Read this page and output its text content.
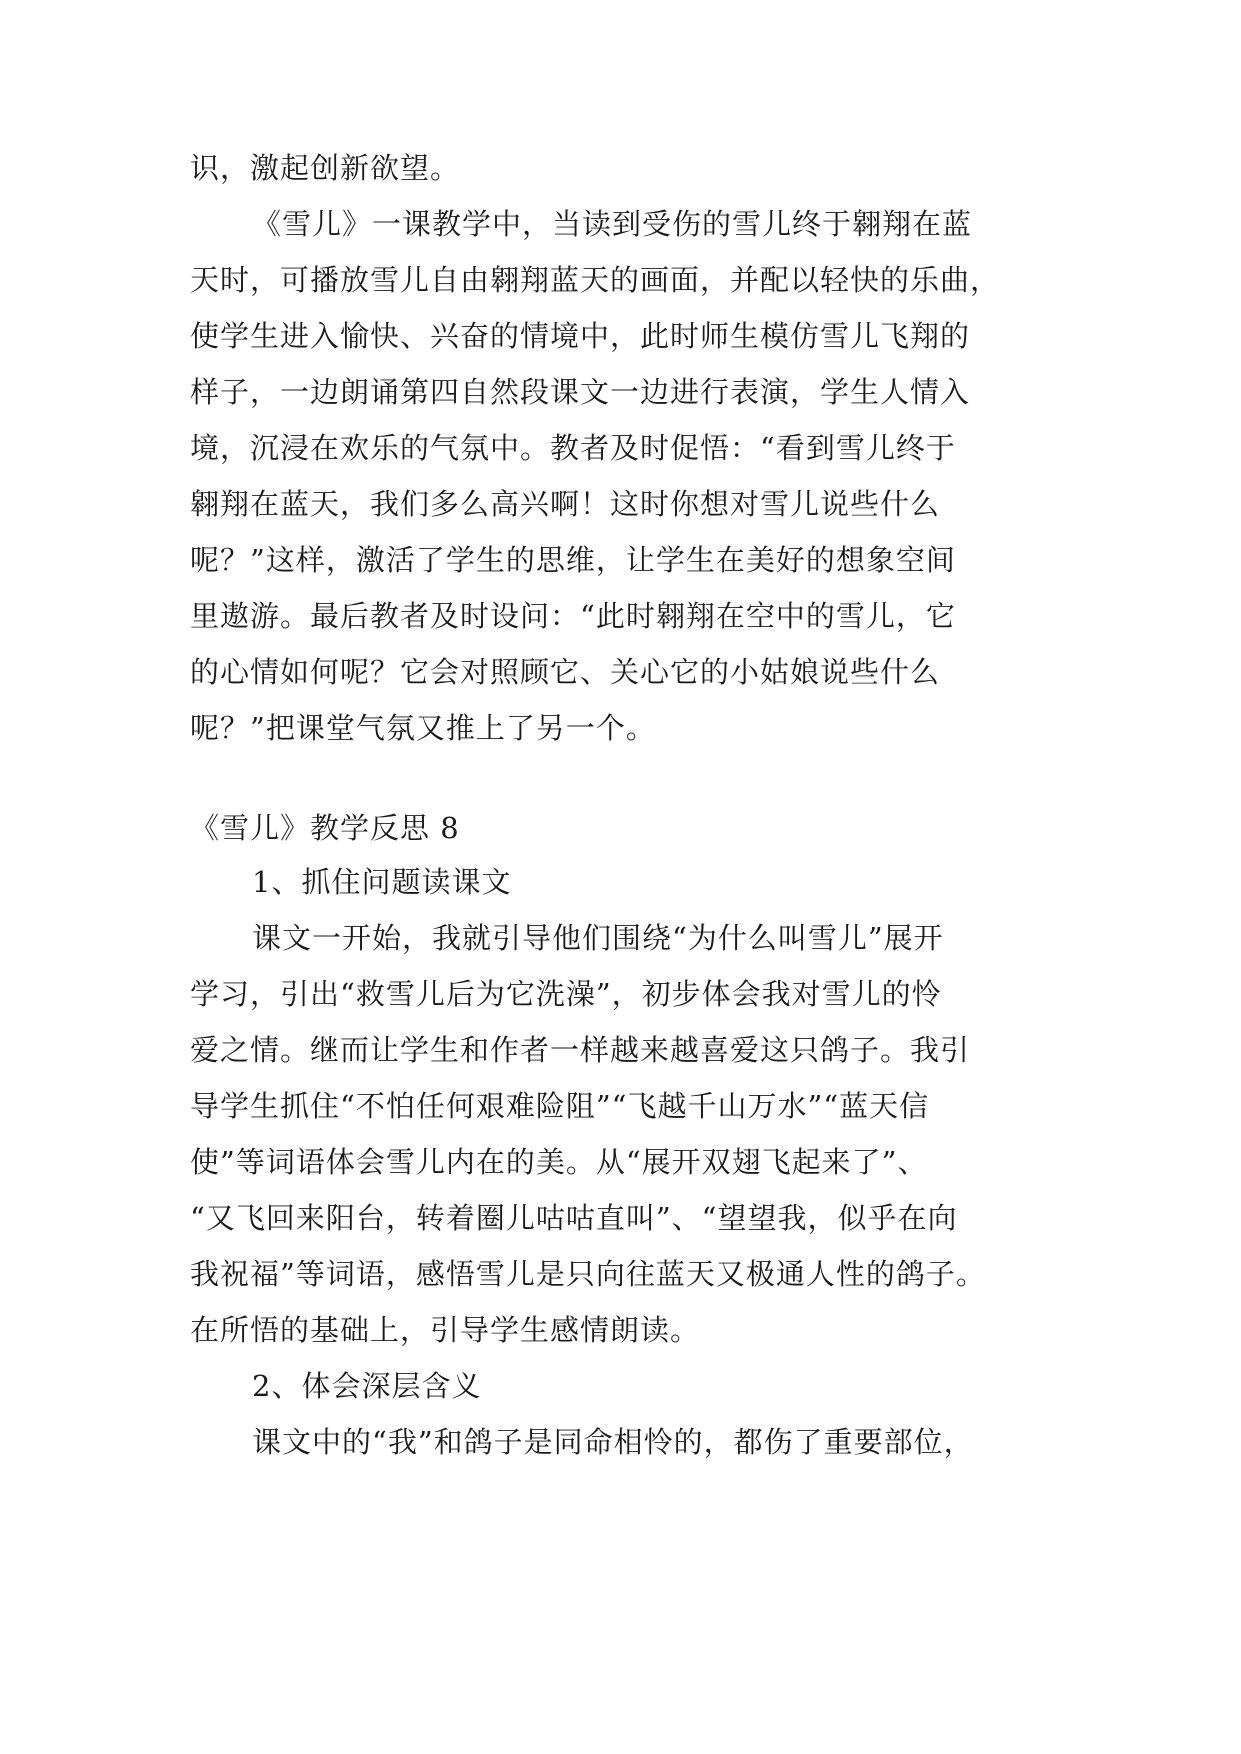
识，激起创新欲望。
《雪儿》一课教学中，当读到受伤的雪儿终于翱翔在蓝
天时，可播放雪儿自由翱翔蓝天的画面，并配以轻快的乐曲，
使学生进入愉快、兴奋的情境中，此时师生模仿雪儿飞翔的
样子，一边朗诵第四自然段课文一边进行表演，学生人情入
境，沉浸在欢乐的气氛中。教者及时促悟：“看到雪儿终于
翱翔在蓝天，我们多么高兴啊！这时你想对雪儿说些什么
呢？”这样，激活了学生的思维，让学生在美好的想象空间
里遨游。最后教者及时设问：“此时翱翔在空中的雪儿，它
的心情如何呢？它会对照顾它、关心它的小姑娘说些什么
呢？”把课堂气氛又推上了另一个。
《雪儿》教学反思 8
1、抓住问题读课文
课文一开始，我就引导他们围绕“为什么叫雪儿”展开
学习，引出“救雪儿后为它洗澡”，初步体会我对雪儿的怜
爱之情。继而让学生和作者一样越来越喜爱这只鸽子。我引
导学生抓住“不怕任何艰难险阻”“飞越千山万水”“蓝天信
使”等词语体会雪儿内在的美。从“展开双翅飞起来了”、
“又飞回来阳台，转着圈儿咕咕直叫”、“望望我，似乎在向
我祝福”等词语，感悟雪儿是只向往蓝天又极通人性的鸽子。
在所悟的基础上，引导学生感情朗读。
2、体会深层含义
课文中的“我”和鸽子是同命相怜的，都伤了重要部位，
